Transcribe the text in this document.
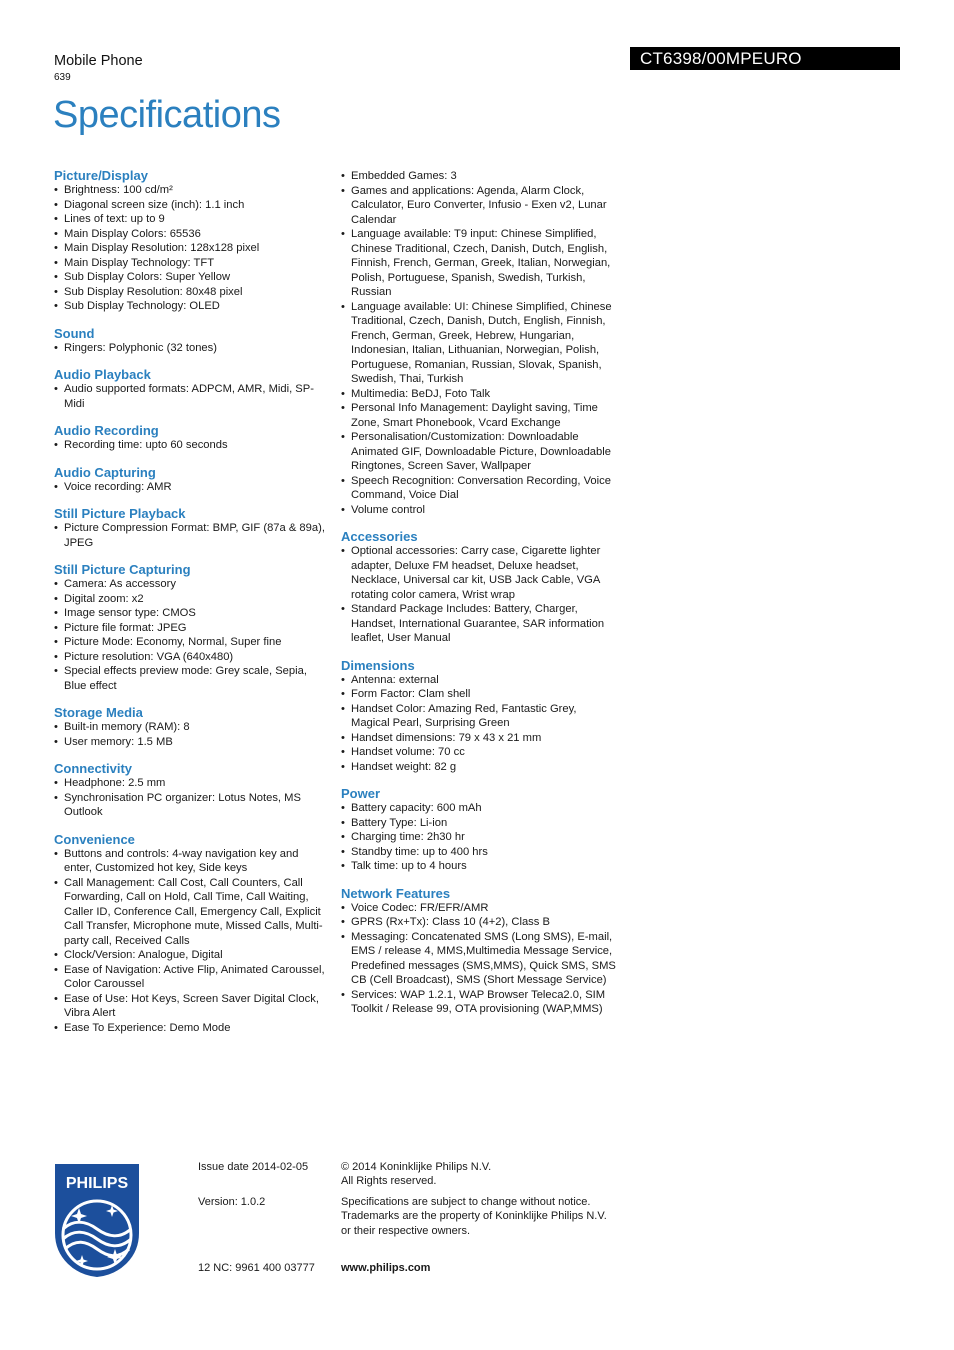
Mobile Phone
639
CT6398/00MPEURO
Specifications
Picture/Display
• Brightness: 100 cd/m²
• Diagonal screen size (inch): 1.1 inch
• Lines of text: up to 9
• Main Display Colors: 65536
• Main Display Resolution: 128x128 pixel
• Main Display Technology: TFT
• Sub Display Colors: Super Yellow
• Sub Display Resolution: 80x48 pixel
• Sub Display Technology: OLED
Sound
• Ringers: Polyphonic (32 tones)
Audio Playback
• Audio supported formats: ADPCM, AMR, Midi, SP-Midi
Audio Recording
• Recording time: upto 60 seconds
Audio Capturing
• Voice recording: AMR
Still Picture Playback
• Picture Compression Format: BMP, GIF (87a & 89a), JPEG
Still Picture Capturing
• Camera: As accessory
• Digital zoom: x2
• Image sensor type: CMOS
• Picture file format: JPEG
• Picture Mode: Economy, Normal, Super fine
• Picture resolution: VGA (640x480)
• Special effects preview mode: Grey scale, Sepia, Blue effect
Storage Media
• Built-in memory (RAM): 8
• User memory: 1.5 MB
Connectivity
• Headphone: 2.5 mm
• Synchronisation PC organizer: Lotus Notes, MS Outlook
Convenience
• Buttons and controls: 4-way navigation key and enter, Customized hot key, Side keys
• Call Management: Call Cost, Call Counters, Call Forwarding, Call on Hold, Call Time, Call Waiting, Caller ID, Conference Call, Emergency Call, Explicit Call Transfer, Microphone mute, Missed Calls, Multi-party call, Received Calls
• Clock/Version: Analogue, Digital
• Ease of Navigation: Active Flip, Animated Caroussel, Color Caroussel
• Ease of Use: Hot Keys, Screen Saver Digital Clock, Vibra Alert
• Ease To Experience: Demo Mode
• Embedded Games: 3
• Games and applications: Agenda, Alarm Clock, Calculator, Euro Converter, Infusio - Exen v2, Lunar Calendar
• Language available: T9 input: Chinese Simplified, Chinese Traditional, Czech, Danish, Dutch, English, Finnish, French, German, Greek, Italian, Norwegian, Polish, Portuguese, Spanish, Swedish, Turkish, Russian
• Language available: UI: Chinese Simplified, Chinese Traditional, Czech, Danish, Dutch, English, Finnish, French, German, Greek, Hebrew, Hungarian, Indonesian, Italian, Lithuanian, Norwegian, Polish, Portuguese, Romanian, Russian, Slovak, Spanish, Swedish, Thai, Turkish
• Multimedia: BeDJ, Foto Talk
• Personal Info Management: Daylight saving, Time Zone, Smart Phonebook, Vcard Exchange
• Personalisation/Customization: Downloadable Animated GIF, Downloadable Picture, Downloadable Ringtones, Screen Saver, Wallpaper
• Speech Recognition: Conversation Recording, Voice Command, Voice Dial
• Volume control
Accessories
• Optional accessories: Carry case, Cigarette lighter adapter, Deluxe FM headset, Deluxe headset, Necklace, Universal car kit, USB Jack Cable, VGA rotating color camera, Wrist wrap
• Standard Package Includes: Battery, Charger, Handset, International Guarantee, SAR information leaflet, User Manual
Dimensions
• Antenna: external
• Form Factor: Clam shell
• Handset Color: Amazing Red, Fantastic Grey, Magical Pearl, Surprising Green
• Handset dimensions: 79 x 43 x 21 mm
• Handset volume: 70 cc
• Handset weight: 82 g
Power
• Battery capacity: 600 mAh
• Battery Type: Li-ion
• Charging time: 2h30 hr
• Standby time: up to 400 hrs
• Talk time: up to 4 hours
Network Features
• Voice Codec: FR/EFR/AMR
• GPRS (Rx+Tx): Class 10 (4+2), Class B
• Messaging: Concatenated SMS (Long SMS), E-mail, EMS / release 4, MMS,Multimedia Message Service, Predefined messages (SMS,MMS), Quick SMS, SMS CB (Cell Broadcast), SMS (Short Message Service)
• Services: WAP 1.2.1, WAP Browser Teleca2.0, SIM Toolkit / Release 99, OTA provisioning (WAP,MMS)
PHILIPS
Issue date 2014-02-05
Version: 1.0.2
12 NC: 9961 400 03777
© 2014 Koninklijke Philips N.V.
All Rights reserved.
Specifications are subject to change without notice.
Trademarks are the property of Koninklijke Philips N.V.
or their respective owners.
www.philips.com
